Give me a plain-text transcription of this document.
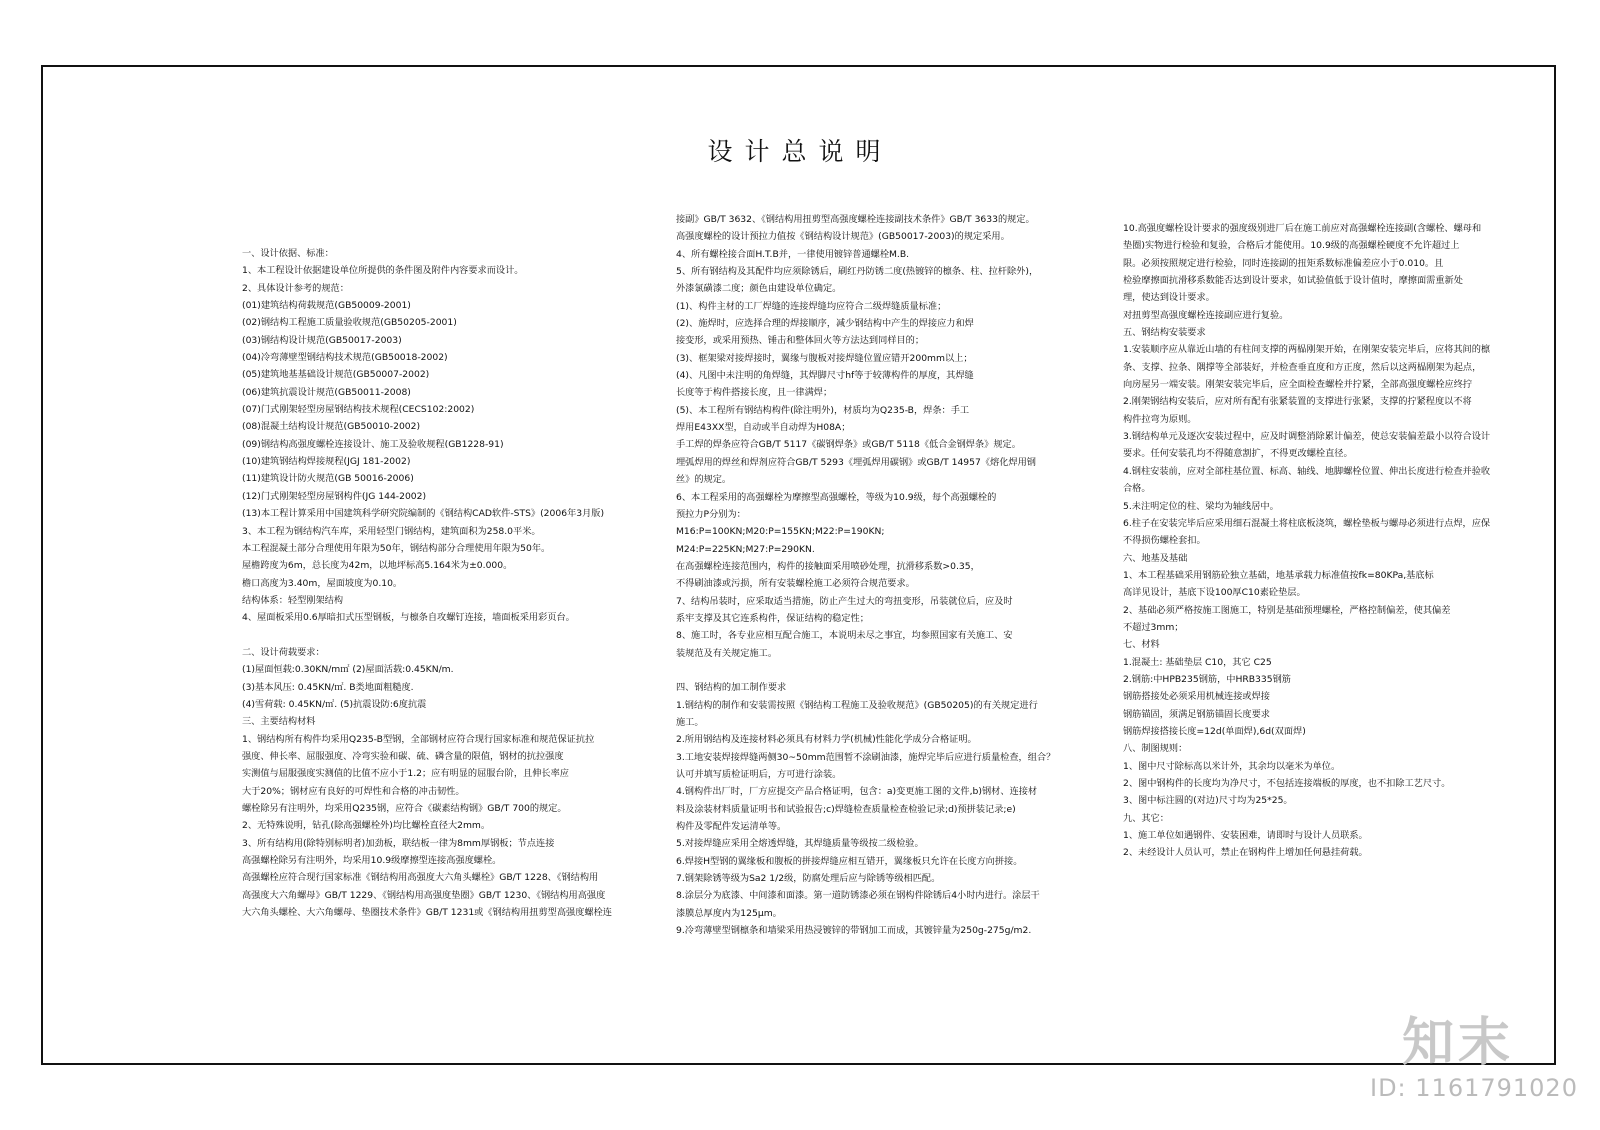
设计总说明
一、设计依据、标准：
1、本工程设计依据建设单位所提供的条件图及附件内容要求而设计。
2、具体设计参考的规范：
(01)建筑结构荷载规范(GB50009-2001)
(02)钢结构工程施工质量验收规范(GB50205-2001)
(03)钢结构设计规范(GB50017-2003)
(04)冷弯薄壁型钢结构技术规范(GB50018-2002)
(05)建筑地基基础设计规范(GB50007-2002)
(06)建筑抗震设计规范(GB50011-2008)
(07)门式刚架轻型房屋钢结构技术规程(CECS102:2002)
(08)混凝土结构设计规范(GB50010-2002)
(09)钢结构高强度螺栓连接设计、施工及验收规程(GB1228-91)
(10)建筑钢结构焊接规程(JGJ 181-2002)
(11)建筑设计防火规范(GB 50016-2006)
(12)门式刚架轻型房屋钢构件(JG 144-2002)
(13)本工程计算采用中国建筑科学研究院编制的《钢结构CAD软件-STS》(2006年3月版)
3、本工程为钢结构汽车库，采用轻型门钢结构，建筑面积为258.0平米。
本工程混凝土部分合理使用年限为50年，钢结构部分合理使用年限为50年。
屋檐跨度为6m，总长度为42m，以地坪标高5.164米为±0.000。
檐口高度为3.40m，屋面坡度为0.10。
结构体系：轻型刚架结构
4、屋面板采用0.6厚暗扣式压型钢板，与檩条自攻螺钉连接，墙面板采用彩页台。
二、设计荷载要求：
(1)屋面恒载:0.30KN/m㎡ (2)屋面活载:0.45KN/m.
(3)基本风压: 0.45KN/㎡. B类地面粗糙度.
(4)雪荷载: 0.45KN/㎡. (5)抗震设防:6度抗震
三、主要结构材料
1、钢结构所有构件均采用Q235-B型钢，全部钢材应符合现行国家标准和规范保证抗拉
强度、伸长率、屈服强度、冷弯实验和碳、硫、磷含量的限值，钢材的抗拉强度
实测值与屈服强度实测值的比值不应小于1.2；应有明显的屈服台阶，且伸长率应
大于20%；钢材应有良好的可焊性和合格的冲击韧性。
螺栓除另有注明外，均采用Q235钢，应符合《碳素结构钢》GB/T 700的规定。
2、无特殊说明，钻孔(除高强螺栓外)均比螺栓直径大2mm。
3、所有结构用(除特别标明者)加劲板，联结板一律为8mm厚钢板；节点连接
高强螺栓除另有注明外，均采用10.9级摩擦型连接高强度螺栓。
高强螺栓应符合现行国家标准《钢结构用高强度大六角头螺栓》GB/T 1228、《钢结构用
高强度大六角螺母》GB/T 1229、《钢结构用高强度垫圈》GB/T 1230、《钢结构用高强度
大六角头螺栓、大六角螺母、垫圈技术条件》GB/T 1231或《钢结构用扭剪型高强度螺栓连
接副》GB/T 3632、《钢结构用扭剪型高强度螺栓连接副技术条件》GB/T 3633的规定。
高强度螺栓的设计预拉力值按《钢结构设计规范》(GB50017-2003)的规定采用。
4、所有螺栓接合面H.T.B并，一律使用镀锌普通螺栓M.B.
5、所有钢结构及其配件均应须除锈后，刷红丹防锈二度(热镀锌的檩条、柱、拉杆除外)，
外漆氯磺漆二度；颜色由建设单位确定。
(1)、构件主材的工厂焊缝的连接焊缝均应符合二级焊缝质量标准；
(2)、施焊时，应选择合理的焊接顺序，减少钢结构中产生的焊接应力和焊
接变形，或采用预热、锤击和整体回火等方法达到同样目的；
(3)、框架梁对接焊接时，翼缘与腹板对接焊缝位置应错开200mm以上；
(4)、凡图中未注明的角焊缝，其焊脚尺寸hf等于较薄构件的厚度，其焊缝
长度等于构件搭接长度，且一律满焊；
(5)、本工程所有钢结构构件(除注明外)，材质均为Q235-B，焊条：手工
焊用E43XX型，自动或半自动焊为H08A；
手工焊的焊条应符合GB/T 5117《碳钢焊条》或GB/T 5118《低合金钢焊条》规定。
埋弧焊用的焊丝和焊剂应符合GB/T 5293《埋弧焊用碳钢》或GB/T 14957《熔化焊用钢
丝》的规定。
6、本工程采用的高强螺栓为摩擦型高强螺栓，等级为10.9级，每个高强螺栓的
预拉力P分别为：
M16:P=100KN;M20:P=155KN;M22:P=190KN;
M24:P=225KN;M27:P=290KN.
在高强螺栓连接范围内，构件的接触面采用喷砂处理，抗滑移系数>0.35，
不得刷油漆或污损，所有安装螺栓施工必须符合规范要求。
7、结构吊装时，应采取适当措施，防止产生过大的弯扭变形，吊装就位后，应及时
系牢支撑及其它连系构件，保证结构的稳定性；
8、施工时，各专业应相互配合施工，本说明未尽之事宜，均参照国家有关施工、安
装规范及有关规定施工。
四、钢结构的加工制作要求
1.钢结构的制作和安装需按照《钢结构工程施工及验收规范》(GB50205)的有关规定进行
施工。
2.所用钢结构及连接材料必须具有材料力学(机械)性能化学成分合格证明。
3.工地安装焊接焊缝两侧30~50mm范围暂不涂刷油漆，施焊完毕后应进行质量检查，组合？
认可并填写质检证明后，方可进行涂装。
4.钢构件出厂时，厂方应提交产品合格证明，包含：a)变更施工图的文件,b)钢材、连接材
料及涂装材料质量证明书和试验报告;c)焊缝检查质量检查检验记录;d)预拼装记录;e)
构件及零配件发运清单等。
5.对接焊缝应采用全熔透焊缝，其焊缝质量等级按二级检验。
6.焊接H型钢的翼缘板和腹板的拼接焊缝应相互错开，翼缘板只允许在长度方向拼接。
7.钢架除锈等级为Sa2 1/2级，防腐处理后应与除锈等级相匹配。
8.涂层分为底漆、中间漆和面漆。第一道防锈漆必须在钢构件除锈后4小时内进行。涂层干
漆膜总厚度内为125μm。
9.冷弯薄壁型钢檩条和墙梁采用热浸镀锌的带钢加工而成，其镀锌量为250g-275g/m2.
10.高强度螺栓设计要求的强度级别进厂后在施工前应对高强螺栓连接副(含螺栓、螺母和
垫圈)实物进行检验和复验，合格后才能使用。10.9级的高强螺栓硬度不允许超过上
限。必须按照规定进行检验，同时连接副的扭矩系数标准偏差应小于0.010。且
检验摩擦面抗滑移系数能否达到设计要求，如试验值低于设计值时，摩擦面需重新处
理，使达到设计要求。
对扭剪型高强度螺栓连接副应进行复验。
五、钢结构安装要求
1.安装顺序应从靠近山墙的有柱间支撑的两榀刚架开始，在刚架安装完毕后，应将其间的檩
条、支撑、拉条、隅撑等全部装好，并检查垂直度和方正度，然后以这两榀刚架为起点，
向房屋另一端安装。刚架安装完毕后，应全面检查螺栓并拧紧，全部高强度螺栓应终拧
2.刚架钢结构安装后，应对所有配有张紧装置的支撑进行张紧，支撑的拧紧程度以不将
构件拉弯为原则。
3.钢结构单元及逐次安装过程中，应及时调整消除累计偏差，使总安装偏差最小以符合设计
要求。任何安装孔均不得随意割扩，不得更改螺栓直径。
4.钢柱安装前，应对全部柱基位置、标高、轴线、地脚螺栓位置、伸出长度进行检查并验收
合格。
5.未注明定位的柱、梁均为轴线居中。
6.柱子在安装完毕后应采用细石混凝土将柱底板浇筑，螺栓垫板与螺母必须进行点焊，应保
不得损伤螺栓套扣。
六、地基及基础
1、本工程基础采用钢筋砼独立基础，地基承载力标准值按fk=80KPa,基底标
高详见设计，基底下设100厚C10素砼垫层。
2、基础必须严格按施工图施工，特别是基础预埋螺栓，严格控制偏差，使其偏差
不超过3mm；
七、材料
1.混凝土: 基础垫层 C10，其它 C25
2.钢筋:中HPB235钢筋，中HRB335钢筋
钢筋搭接处必须采用机械连接或焊接
钢筋锚固，须满足钢筋锚固长度要求
钢筋焊接搭接长度=12d(单面焊),6d(双面焊)
八、制图规则：
1、图中尺寸除标高以米计外，其余均以毫米为单位。
2、图中钢构件的长度均为净尺寸，不包括连接端板的厚度，也不扣除工艺尺寸。
3、图中标注圆的(对边)尺寸均为25*25。
九、其它：
1、施工单位如遇钢件、安装困难，请即时与设计人员联系。
2、未经设计人员认可，禁止在钢构件上增加任何悬挂荷载。
知末
ID: 1161791020
